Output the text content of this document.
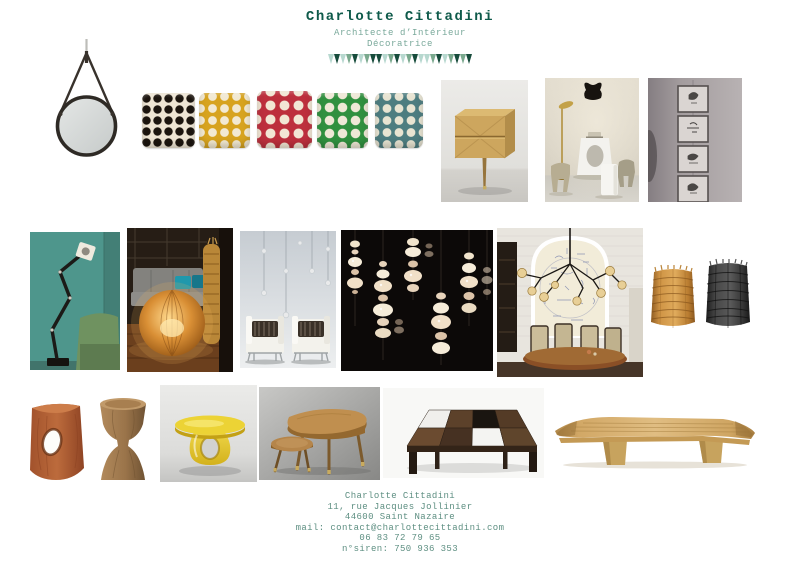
Charlotte Cittadini
Architecte d’Intérieur
Décoratrice
Charlotte Cittadini
11, rue Jacques Jollinier
44600 Saint Nazaire
mail: contact@charlottecittadini.com
06 83 72 79 65
n°siren: 750 936 353
